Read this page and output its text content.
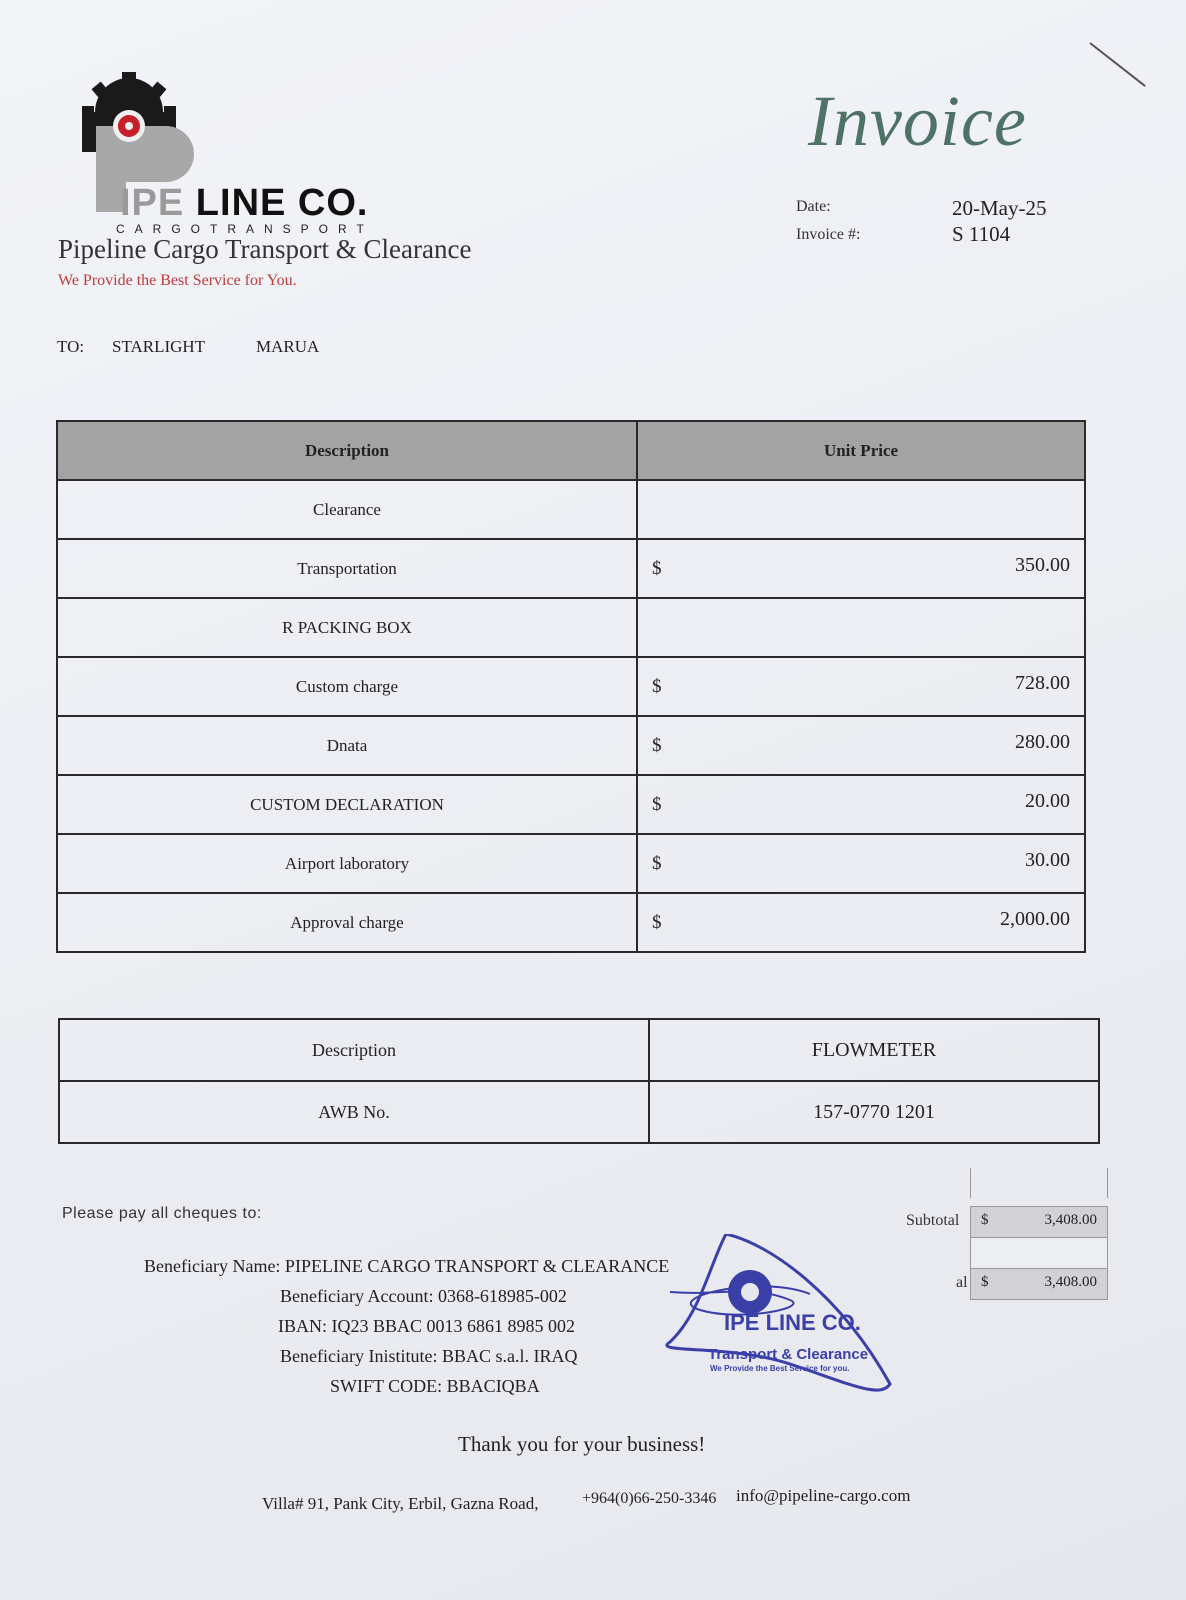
IPE LINE CO.
CARGOTRANSPORT
Pipeline Cargo Transport & Clearance
We Provide the Best Service for You.
Invoice
Date:	20-May-25
Invoice #:	S 1104
TO: STARLIGHT	MARUA
Description	Unit Price
Clearance	

Transportation	$ 350.00

R PACKING BOX	

Custom charge	$ 728.00

Dnata	$ 280.00

CUSTOM DECLARATION	$ 20.00

Airport laboratory	$ 30.00

Approval charge	$ 2,000.00
Description	FLOWMETER
AWB No.	157-0770 1201
Please pay all cheques to:
Beneficiary Name: PIPELINE CARGO TRANSPORT & CLEARANCE
Beneficiary Account: 0368-618985-002
IBAN: IQ23 BBAC 0013 6861 8985 002
Beneficiary Inistitute: BBAC s.a.l. IRAQ
SWIFT CODE: BBACIQBA
Subtotal $	3,408.00
al $	3,408.00
IPE LINE CO.
Transport & Clearance
We Provide the Best Service for you.
Thank you for your business!
Villa# 91, Pank City, Erbil, Gazna Road,	+964(0)66-250-3346 info@pipeline-cargo.com
